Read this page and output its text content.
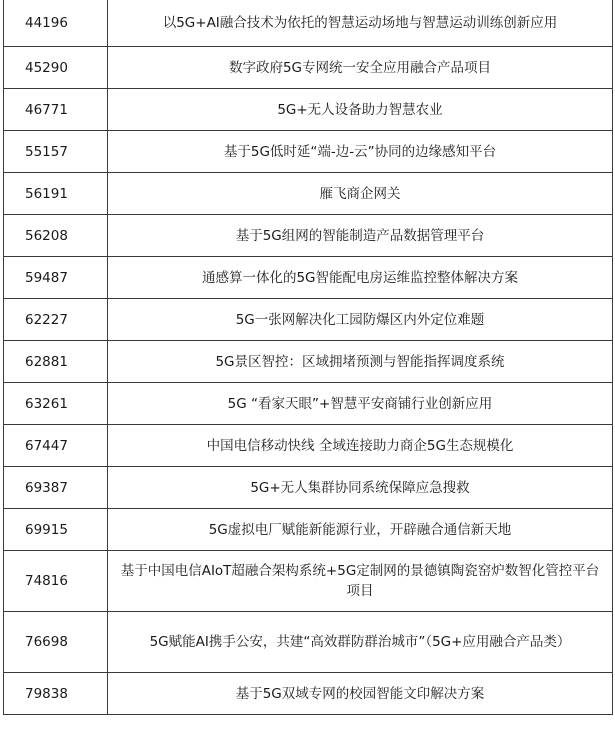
44196	以5G+AI融合技术为依托的智慧运动场地与智慧运动训练创新应用
45290	数字政府5G专网统一安全应用融合产品项目
46771	5G+无人设备助力智慧农业
55157	基于5G低时延“端-边-云”协同的边缘感知平台
56191	雁飞商企网关
56208	基于5G组网的智能制造产品数据管理平台
59487	通感算一体化的5G智能配电房运维监控整体解决方案
62227	5G一张网解决化工园防爆区内外定位难题
62881	5G景区智控：区域拥堵预测与智能指挥调度系统
63261	5G “看家天眼”+智慧平安商铺行业创新应用
67447	中国电信移动快线 全域连接助力商企5G生态规模化
69387	5G+无人集群协同系统保障应急搜救
69915	5G虚拟电厂赋能新能源行业，开辟融合通信新天地
74816	基于中国电信AIoT超融合架构系统+5G定制网的景德镇陶瓷窑炉数智化管控平台项目
76698	5G赋能AI携手公安，共建“高效群防群治城市”（5G+应用融合产品类）
79838	基于5G双域专网的校园智能文印解决方案
